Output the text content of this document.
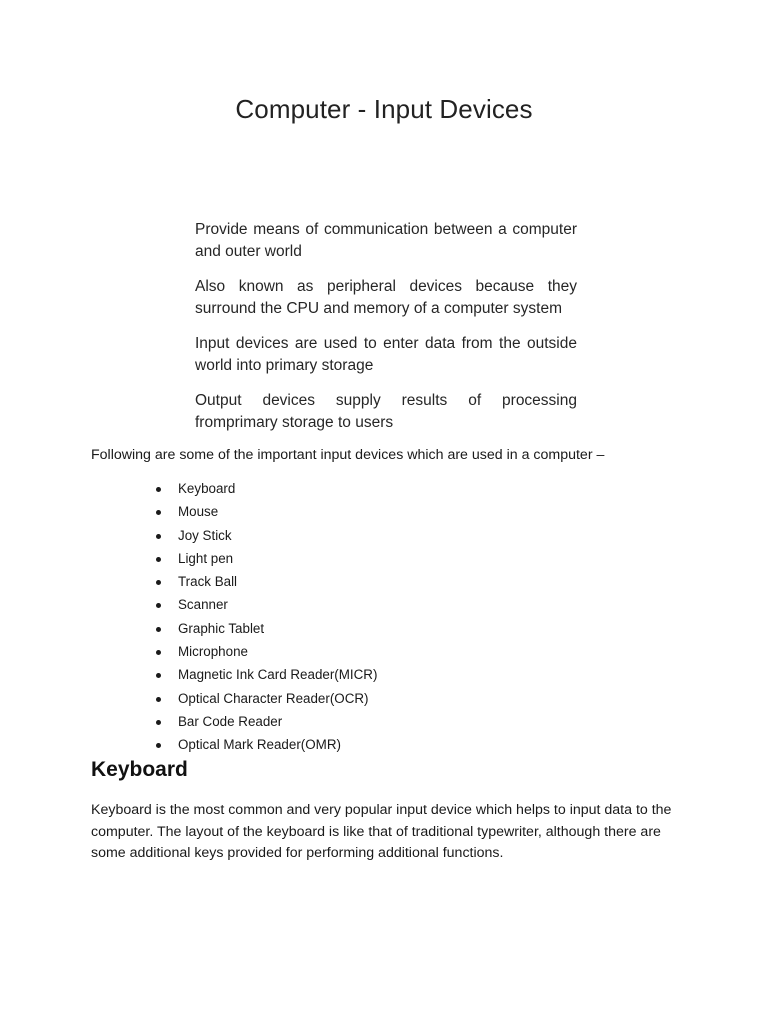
Computer - Input Devices

Provide means of communication between a computer and outer world

Also known as peripheral devices because they surround the CPU and memory of a computer system

Input devices are used to enter data from the outside world into primary storage

Output devices supply results of processing fromprimary storage to users

Following are some of the important input devices which are used in a computer –

Keyboard
Mouse
Joy Stick
Light pen
Track Ball
Scanner
Graphic Tablet
Microphone
Magnetic Ink Card Reader(MICR)
Optical Character Reader(OCR)
Bar Code Reader
Optical Mark Reader(OMR)
Keyboard

Keyboard is the most common and very popular input device which helps to input data to the computer. The layout of the keyboard is like that of traditional typewriter, although there are some additional keys provided for performing additional functions.
